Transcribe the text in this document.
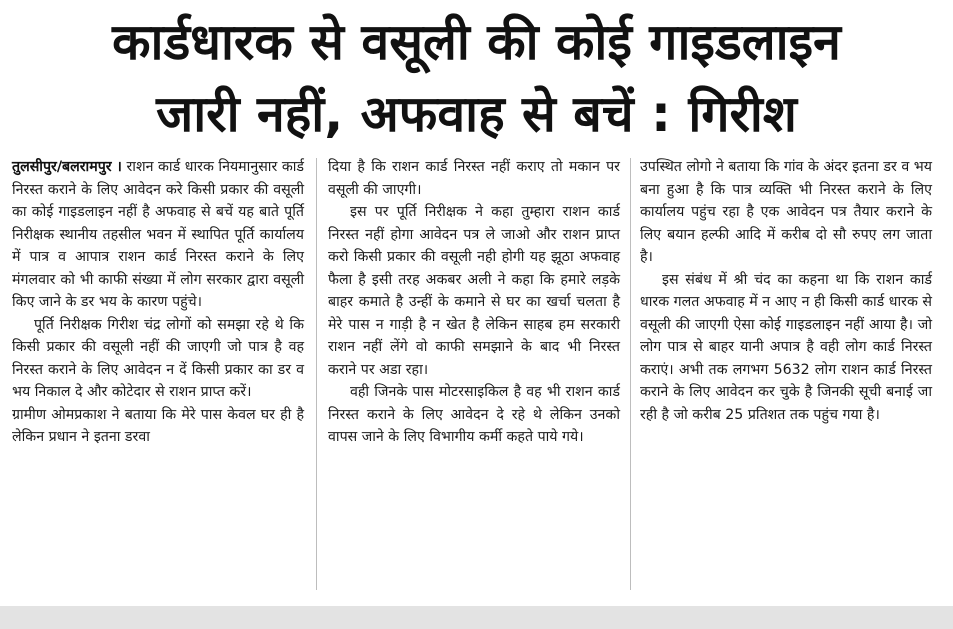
कार्डधारक से वसूली की कोई गाइडलाइन
जारी नहीं, अफवाह से बचें : गिरीश

तुलसीपुर/बलरामपुर । राशन कार्ड धारक नियमानुसार कार्ड निरस्त कराने के लिए आवेदन करे किसी प्रकार की वसूली का कोई गाइडलाइन नहीं है अफवाह से बचें यह बाते पूर्ति निरीक्षक स्थानीय तहसील भवन में स्थापित पूर्ति कार्यालय में पात्र व आपात्र राशन कार्ड निरस्त कराने के लिए मंगलवार को भी काफी संख्या में लोग सरकार द्वारा वसूली किए जाने के डर भय के कारण पहुंचे।

पूर्ति निरीक्षक गिरीश चंद्र लोगों को समझा रहे थे कि किसी प्रकार की वसूली नहीं की जाएगी जो पात्र है वह निरस्त कराने के लिए आवेदन न दें किसी प्रकार का डर व भय निकाल दे और कोटेदार से राशन प्राप्त करें।

ग्रामीण ओमप्रकाश ने बताया कि मेरे पास केवल घर ही है लेकिन प्रधान ने इतना डरवा

दिया है कि राशन कार्ड निरस्त नहीं कराए तो मकान पर वसूली की जाएगी।

इस पर पूर्ति निरीक्षक ने कहा तुम्हारा राशन कार्ड निरस्त नहीं होगा आवेदन पत्र ले जाओ और राशन प्राप्त करो किसी प्रकार की वसूली नही होगी यह झूठा अफवाह फैला है इसी तरह अकबर अली ने कहा कि हमारे लड़के बाहर कमाते है उन्हीं के कमाने से घर का खर्चा चलता है मेरे पास न गाड़ी है न खेत है लेकिन साहब हम सरकारी राशन नहीं लेंगे वो काफी समझाने के बाद भी निरस्त कराने पर अडा रहा।

वही जिनके पास मोटरसाइकिल है वह भी राशन कार्ड निरस्त कराने के लिए आवेदन दे रहे थे लेकिन उनको वापस जाने के लिए विभागीय कर्मी कहते पाये गये।

उपस्थित लोगो ने बताया कि गांव के अंदर इतना डर व भय बना हुआ है कि पात्र व्यक्ति भी निरस्त कराने के लिए कार्यालय पहुंच रहा है एक आवेदन पत्र तैयार कराने के लिए बयान हल्फी आदि में करीब दो सौ रुपए लग जाता है।

इस संबंध में श्री चंद का कहना था कि राशन कार्ड धारक गलत अफवाह में न आए न ही किसी कार्ड धारक से वसूली की जाएगी ऐसा कोई गाइडलाइन नहीं आया है। जो लोग पात्र से बाहर यानी अपात्र है वही लोग कार्ड निरस्त कराएं। अभी तक लगभग 5632 लोग राशन कार्ड निरस्त कराने के लिए आवेदन कर चुके है जिनकी सूची बनाई जा रही है जो करीब 25 प्रतिशत तक पहुंच गया है।
